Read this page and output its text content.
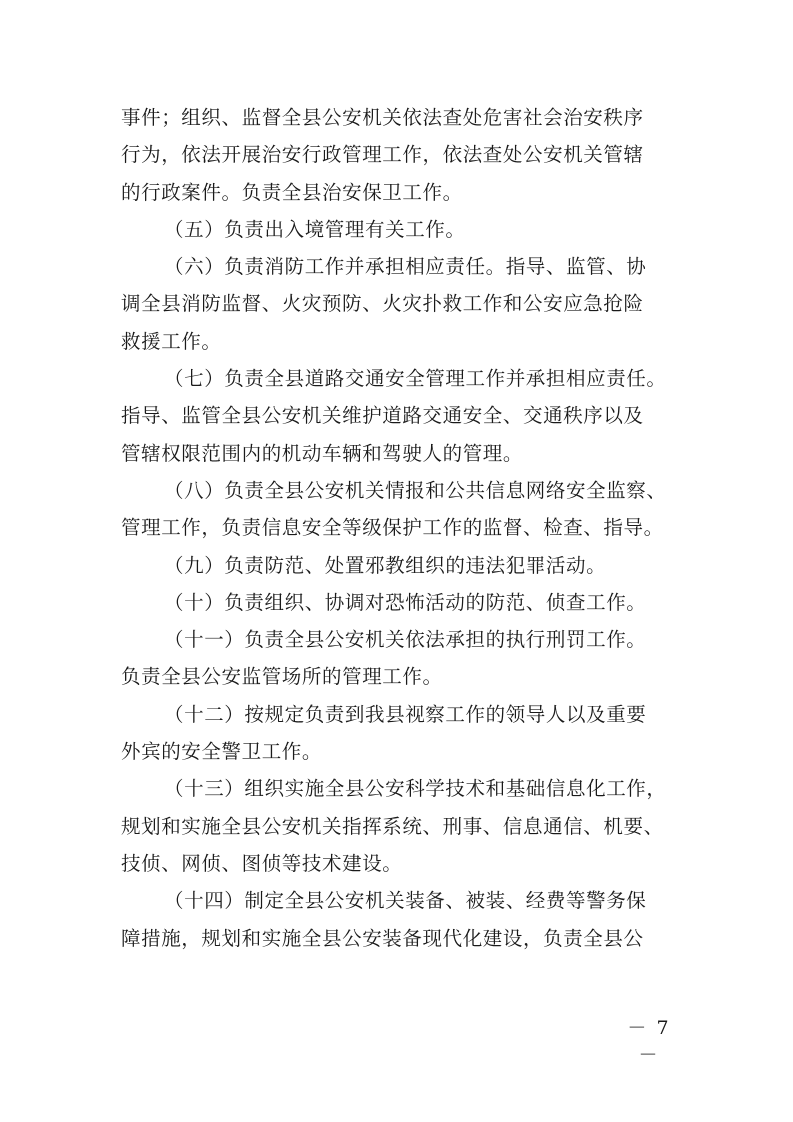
事件；组织、监督全县公安机关依法查处危害社会治安秩序
行为，依法开展治安行政管理工作，依法查处公安机关管辖
的行政案件。负责全县治安保卫工作。
（五）负责出入境管理有关工作。
（六）负责消防工作并承担相应责任。指导、监管、协
调全县消防监督、火灾预防、火灾扑救工作和公安应急抢险
救援工作。
（七）负责全县道路交通安全管理工作并承担相应责任。
指导、监管全县公安机关维护道路交通安全、交通秩序以及
管辖权限范围内的机动车辆和驾驶人的管理。
（八）负责全县公安机关情报和公共信息网络安全监察、
管理工作，负责信息安全等级保护工作的监督、检查、指导。
（九）负责防范、处置邪教组织的违法犯罪活动。
（十）负责组织、协调对恐怖活动的防范、侦查工作。
（十一）负责全县公安机关依法承担的执行刑罚工作。
负责全县公安监管场所的管理工作。
（十二）按规定负责到我县视察工作的领导人以及重要
外宾的安全警卫工作。
（十三）组织实施全县公安科学技术和基础信息化工作，
规划和实施全县公安机关指挥系统、刑事、信息通信、机要、
技侦、网侦、图侦等技术建设。
（十四）制定全县公安机关装备、被装、经费等警务保
障措施，规划和实施全县公安装备现代化建设，负责全县公
－ 7 －
